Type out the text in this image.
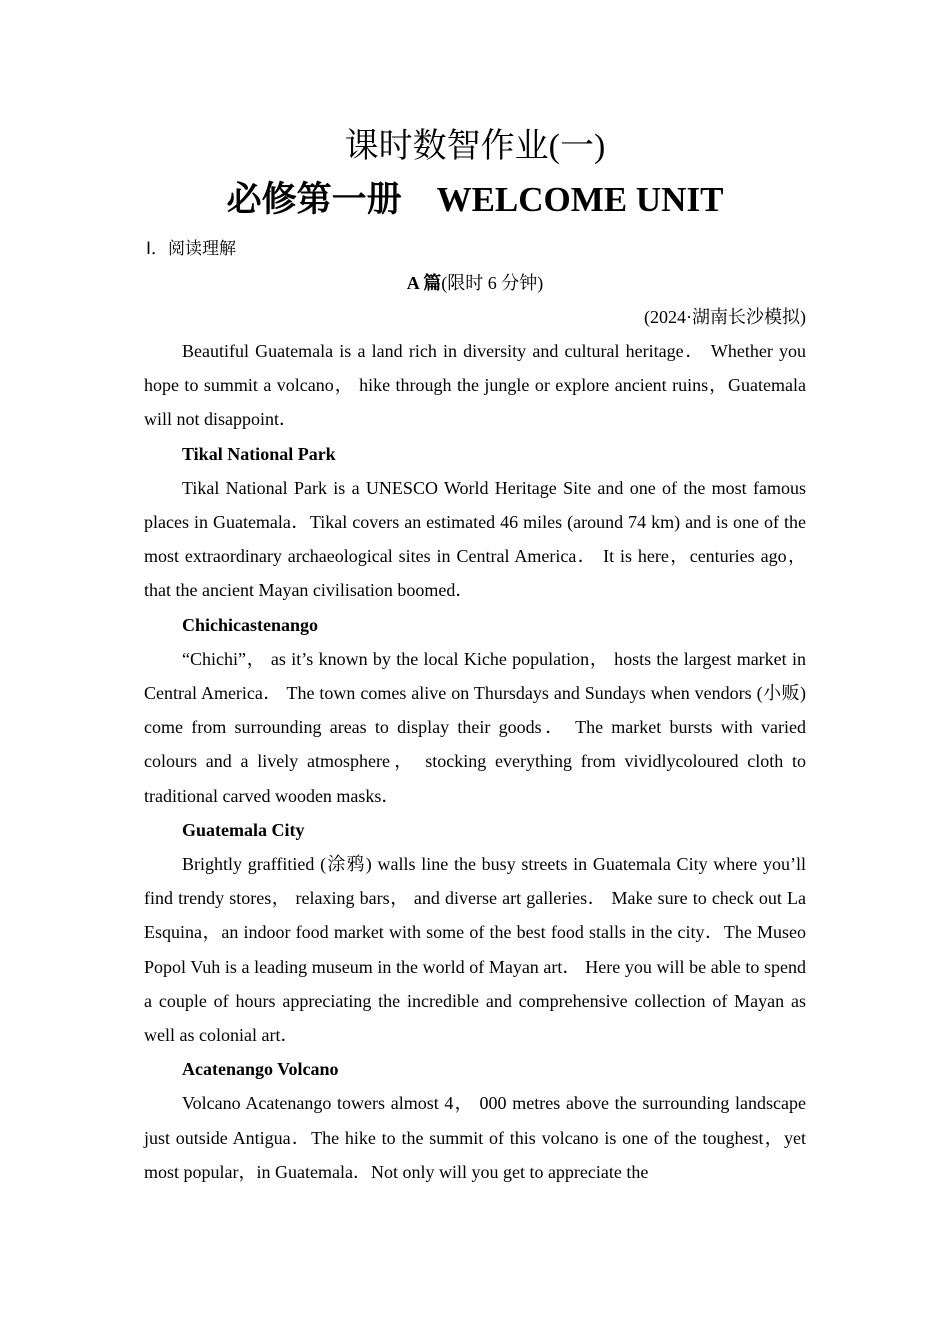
课时数智作业(一)
必修第一册　WELCOME UNIT
Ⅰ．阅读理解
A 篇(限时 6 分钟)
(2024·湖南长沙模拟)

Beautiful Guatemala is a land rich in diversity and cultural heritage． Whether you hope to summit a volcano， hike through the jungle or explore ancient ruins，Guatemala will not disappoint．

Tikal National Park

Tikal National Park is a UNESCO World Heritage Site and one of the most famous places in Guatemala．Tikal covers an estimated 46 miles (around 74 km) and is one of the most extraordinary archaeological sites in Central America． It is here，centuries ago，that the ancient Mayan civilisation boomed．

Chichicastenango

“Chichi”， as it’s known by the local Kiche population， hosts the largest market in Central America． The town comes alive on Thursdays and Sundays when vendors (小贩) come from surrounding areas to display their goods． The market bursts with varied colours and a lively atmosphere， stocking everything from vividlycoloured cloth to traditional carved wooden masks．

Guatemala City

Brightly graffitied (涂鸦) walls line the busy streets in Guatemala City where you’ll find trendy stores， relaxing bars， and diverse art galleries． Make sure to check out La Esquina，an indoor food market with some of the best food stalls in the city．The Museo Popol Vuh is a leading museum in the world of Mayan art． Here you will be able to spend a couple of hours appreciating the incredible and comprehensive collection of Mayan as well as colonial art．

Acatenango Volcano

Volcano Acatenango towers almost 4， 000 metres above the surrounding landscape just outside Antigua．The hike to the summit of this volcano is one of the toughest，yet most popular，in Guatemala．Not only will you get to appreciate the
